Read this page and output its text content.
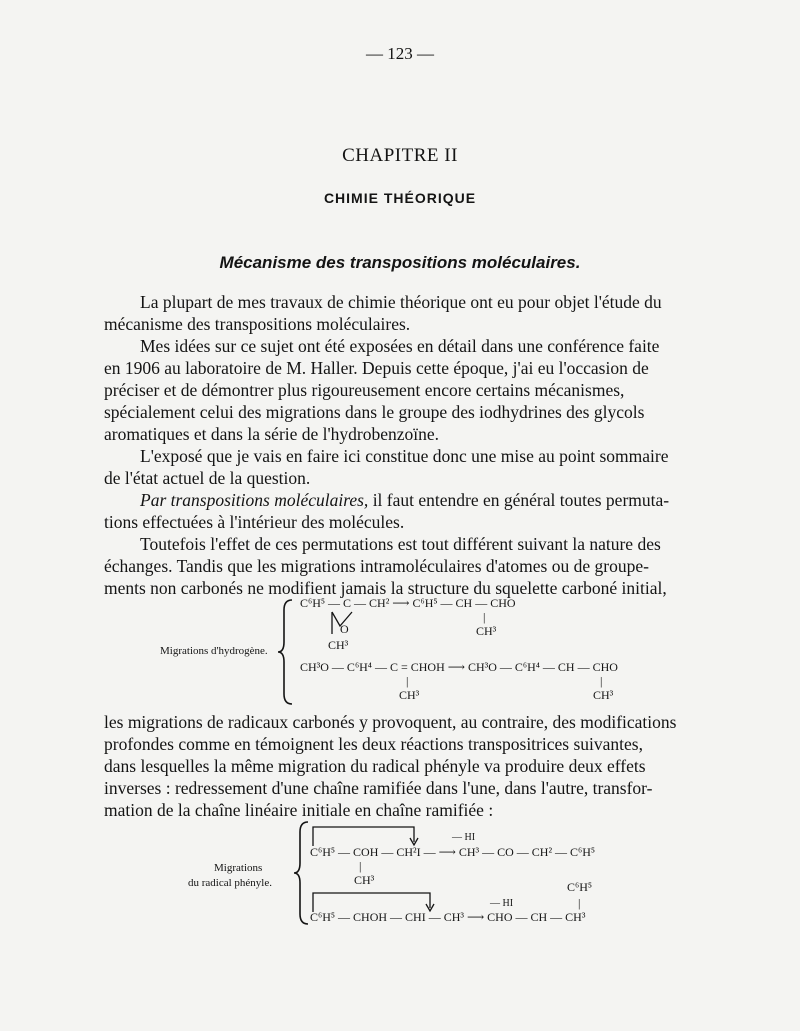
— 123 —
CHAPITRE II
CHIMIE THÉORIQUE
Mécanisme des transpositions moléculaires.
La plupart de mes travaux de chimie théorique ont eu pour objet l'étude du
mécanisme des transpositions moléculaires.
Mes idées sur ce sujet ont été exposées en détail dans une conférence faite
en 1906 au laboratoire de M. Haller. Depuis cette époque, j'ai eu l'occasion de
préciser et de démontrer plus rigoureusement encore certains mécanismes,
spécialement celui des migrations dans le groupe des iodhydrines des glycols
aromatiques et dans la série de l'hydrobenzoïne.
L'exposé que je vais en faire ici constitue donc une mise au point sommaire
de l'état actuel de la question.
Par transpositions moléculaires, il faut entendre en général toutes permuta-
tions effectuées à l'intérieur des molécules.
Toutefois l'effet de ces permutations est tout différent suivant la nature des
échanges. Tandis que les migrations intramoléculaires d'atomes ou de groupe-
ments non carbonés ne modifient jamais la structure du squelette carboné initial,
Migrations d'hydrogène.
C⁶H⁵ — C — CH² ⟶ C⁶H⁵ — CH — CHO
O
CH³
|
CH³
CH³O — C⁶H⁴ — C = CHOH ⟶ CH³O — C⁶H⁴ — CH — CHO
|
CH³
|
CH³
les migrations de radicaux carbonés y provoquent, au contraire, des modifications
profondes comme en témoignent les deux réactions transpositrices suivantes,
dans lesquelles la même migration du radical phényle va produire deux effets
inverses : redressement d'une chaîne ramifiée dans l'une, dans l'autre, transfor-
mation de la chaîne linéaire initiale en chaîne ramifiée :
Migrations
du radical phényle.
— HI
C⁶H⁵ — COH — CH²I — ⟶ CH³ — CO — CH² — C⁶H⁵
|
CH³	C⁶H⁵
— HI	|
C⁶H⁵ — CHOH — CHI — CH³ ⟶ CHO — CH — CH³
